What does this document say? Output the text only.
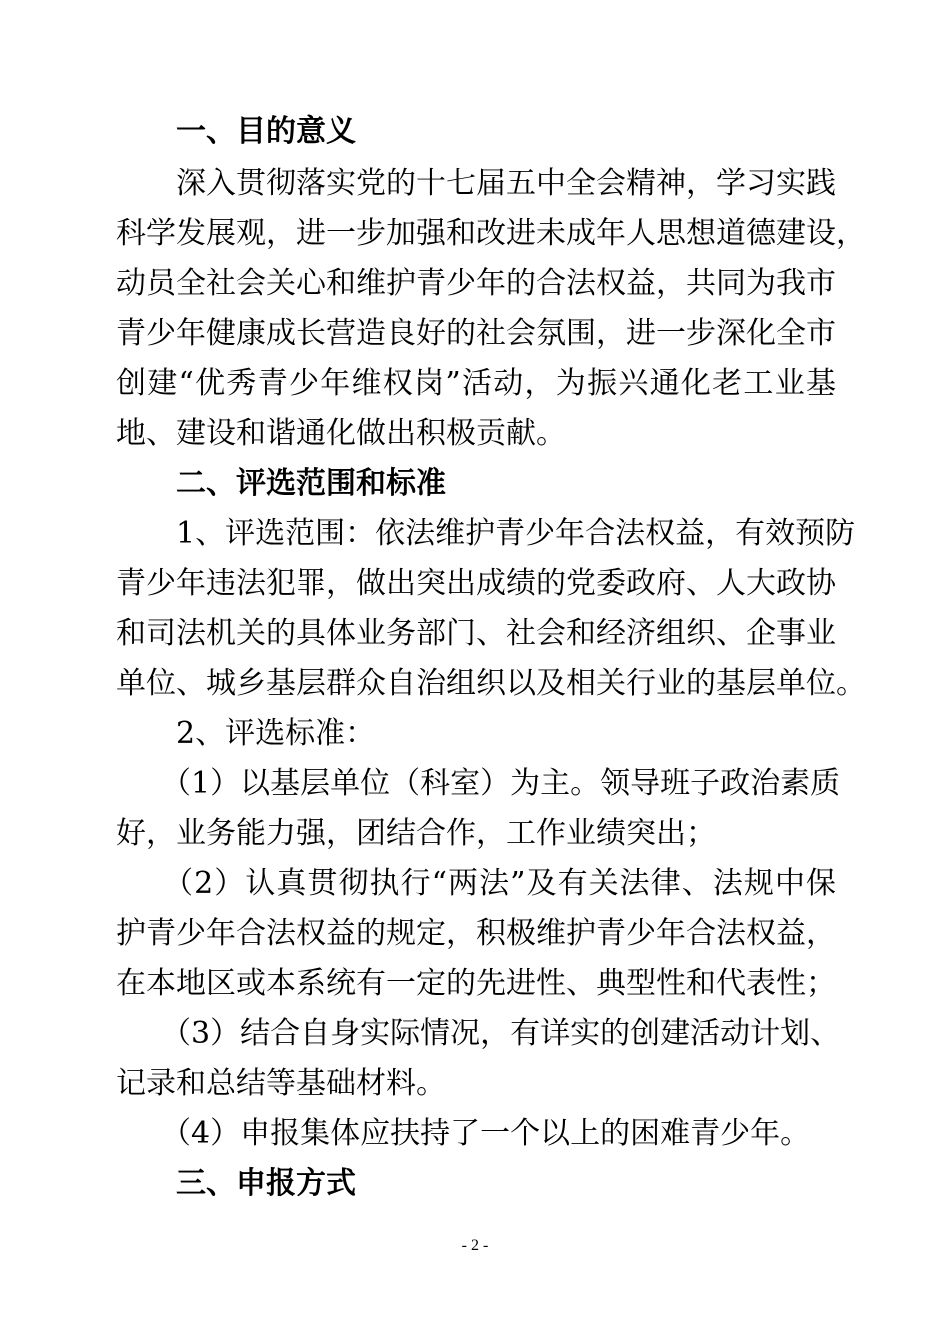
　　一、目的意义
　　深入贯彻落实党的十七届五中全会精神，学习实践
科学发展观，进一步加强和改进未成年人思想道德建设，
动员全社会关心和维护青少年的合法权益，共同为我市
青少年健康成长营造良好的社会氛围，进一步深化全市
创建“优秀青少年维权岗”活动，为振兴通化老工业基
地、建设和谐通化做出积极贡献。
　　二、评选范围和标准
　　1、评选范围：依法维护青少年合法权益，有效预防
青少年违法犯罪，做出突出成绩的党委政府、人大政协
和司法机关的具体业务部门、社会和经济组织、企事业
单位、城乡基层群众自治组织以及相关行业的基层单位。
　　2、评选标准：
　　（1）以基层单位（科室）为主。领导班子政治素质
好，业务能力强，团结合作，工作业绩突出；
　　（2）认真贯彻执行“两法”及有关法律、法规中保
护青少年合法权益的规定，积极维护青少年合法权益，
在本地区或本系统有一定的先进性、典型性和代表性；
　　（3）结合自身实际情况，有详实的创建活动计划、
记录和总结等基础材料。
　　（4）申报集体应扶持了一个以上的困难青少年。
　　三、申报方式
- 2 -
